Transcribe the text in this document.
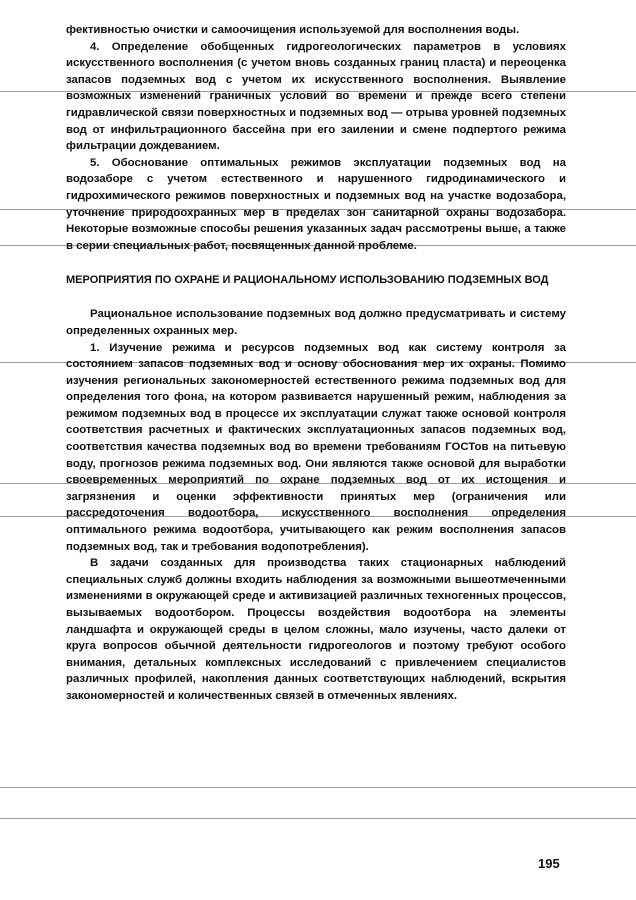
фективностью очистки и самоочищения используемой для восполнения воды.

4. Определение обобщенных гидрогеологических параметров в условиях искусственного восполнения (с учетом вновь созданных границ пласта) и переоценка запасов подземных вод с учетом их искусственного восполнения. Выявление возможных изменений граничных условий во времени и прежде всего степени гидравлической связи поверхностных и подземных вод — отрыва уровней подземных вод от инфильтрационного бассейна при его заилении и смене подпертого режима фильтрации дождеванием.

5. Обоснование оптимальных режимов эксплуатации подземных вод на водозаборе с учетом естественного и нарушенного гидродинамического и гидрохимического режимов поверхностных и подземных вод на участке водозабора, уточнение природоохранных мер в пределах зон санитарной охраны водозабора. Некоторые возможные способы решения указанных задач рассмотрены выше, а также в серии специальных работ, посвященных данной проблеме.

МЕРОПРИЯТИЯ ПО ОХРАНЕ И РАЦИОНАЛЬНОМУ ИСПОЛЬЗОВАНИЮ ПОДЗЕМНЫХ ВОД

Рациональное использование подземных вод должно предусматривать и систему определенных охранных мер.

1. Изучение режима и ресурсов подземных вод как систему контроля за состоянием запасов подземных вод и основу обоснования мер их охраны. Помимо изучения региональных закономерностей естественного режима подземных вод для определения того фона, на котором развивается нарушенный режим, наблюдения за режимом подземных вод в процессе их эксплуатации служат также основой контроля соответствия расчетных и фактических эксплуатационных запасов подземных вод, соответствия качества подземных вод во времени требованиям ГОСТов на питьевую воду, прогнозов режима подземных вод. Они являются также основой для выработки своевременных мероприятий по охране подземных вод от их истощения и загрязнения и оценки эффективности принятых мер (ограничения или рассредоточения водоотбора, искусственного восполнения определения оптимального режима водоотбора, учитывающего как режим восполнения запасов подземных вод, так и требования водопотребления).

В задачи созданных для производства таких стационарных наблюдений специальных служб должны входить наблюдения за возможными вышеотмеченными изменениями в окружающей среде и активизацией различных техногенных процессов, вызываемых водоотбором. Процессы воздействия водоотбора на элементы ландшафта и окружающей среды в целом сложны, мало изучены, часто далеки от круга вопросов обычной деятельности гидрогеологов и поэтому требуют особого внимания, детальных комплексных исследований с привлечением специалистов различных профилей, накопления данных соответствующих наблюдений, вскрытия закономерностей и количественных связей в отмеченных явлениях.

195
